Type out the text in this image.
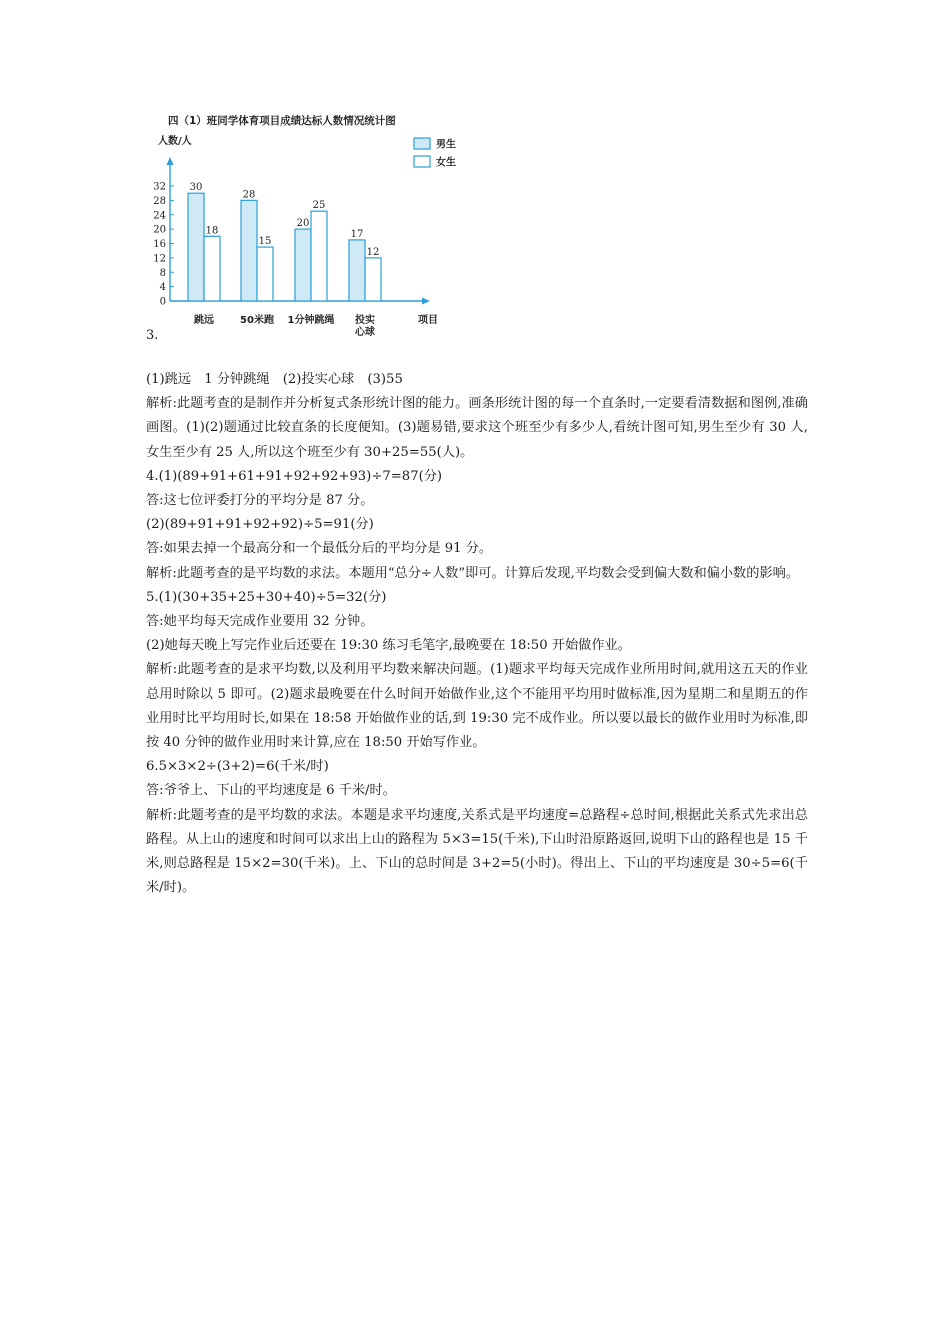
四（1）班同学体育项目成绩达标人数情况统计图
人数/人
0
4
8
12
16
20
24
28
32 30
18
跳远
28
15
50米跑
20
25
1分钟跳绳
17
12
投实
心球
项目
男生
女生
3.

(1)跳远　1 分钟跳绳　(2)投实心球　(3)55

解析:此题考查的是制作并分析复式条形统计图的能力。画条形统计图的每一个直条时,一定要看清数据和图例,准确画图。(1)(2)题通过比较直条的长度便知。(3)题易错,要求这个班至少有多少人,看统计图可知,男生至少有 30 人,女生至少有 25 人,所以这个班至少有 30+25=55(人)。

4.(1)(89+91+61+91+92+92+93)÷7=87(分)

答:这七位评委打分的平均分是 87 分。

(2)(89+91+91+92+92)÷5=91(分)

答:如果去掉一个最高分和一个最低分后的平均分是 91 分。

解析:此题考查的是平均数的求法。本题用“总分÷人数”即可。计算后发现,平均数会受到偏大数和偏小数的影响。

5.(1)(30+35+25+30+40)÷5=32(分)

答:她平均每天完成作业要用 32 分钟。

(2)她每天晚上写完作业后还要在 19:30 练习毛笔字,最晚要在 18:50 开始做作业。

解析:此题考查的是求平均数,以及利用平均数来解决问题。(1)题求平均每天完成作业所用时间,就用这五天的作业总用时除以 5 即可。(2)题求最晚要在什么时间开始做作业,这个不能用平均用时做标准,因为星期二和星期五的作业用时比平均用时长,如果在 18:58 开始做作业的话,到 19:30 完不成作业。所以要以最长的做作业用时为标准,即按 40 分钟的做作业用时来计算,应在 18:50 开始写作业。

6.5×3×2÷(3+2)=6(千米/时)

答:爷爷上、下山的平均速度是 6 千米/时。

解析:此题考查的是平均数的求法。本题是求平均速度,关系式是平均速度=总路程÷总时间,根据此关系式先求出总路程。从上山的速度和时间可以求出上山的路程为 5×3=15(千米),下山时沿原路返回,说明下山的路程也是 15 千米,则总路程是 15×2=30(千米)。上、下山的总时间是 3+2=5(小时)。得出上、下山的平均速度是 30÷5=6(千米/时)。
